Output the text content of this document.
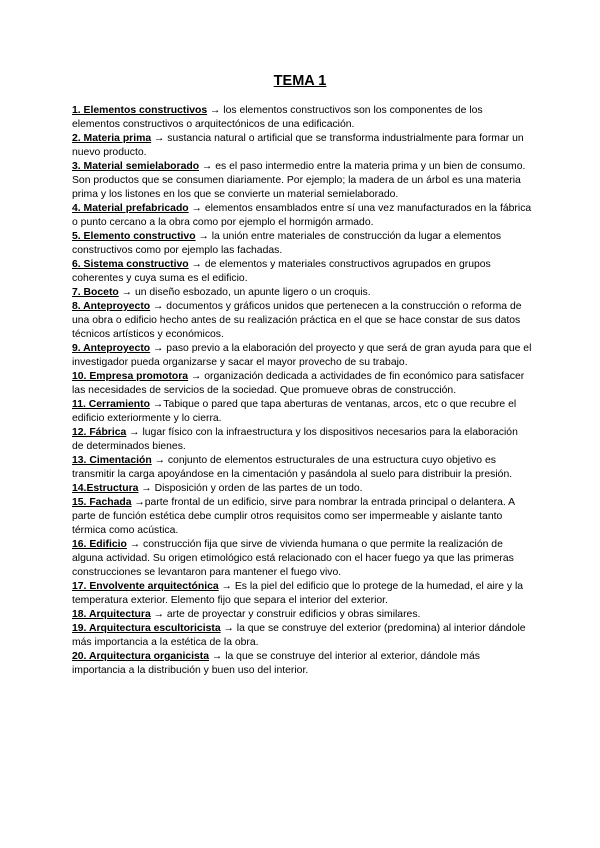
TEMA 1

1. Elementos constructivos → los elementos constructivos son los componentes de los elementos constructivos o arquitectónicos de una edificación.

2. Materia prima → sustancia natural o artificial que se transforma industrialmente para formar un nuevo producto.

3. Material semielaborado → es el paso intermedio entre la materia prima y un bien de consumo. Son productos que se consumen diariamente. Por ejemplo; la madera de un árbol es una materia prima y los listones en los que se convierte un material semielaborado.

4. Material prefabricado → elementos ensamblados entre sí una vez manufacturados en la fábrica o punto cercano a la obra como por ejemplo el hormigón armado.

5. Elemento constructivo → la unión entre materiales de construcción da lugar a elementos constructivos como por ejemplo las fachadas.

6. Sistema constructivo → de elementos y materiales constructivos agrupados en grupos coherentes y cuya suma es el edificio.

7. Boceto → un diseño esbozado, un apunte ligero o un croquis.

8. Anteproyecto → documentos y gráficos unidos que pertenecen a la construcción o reforma de una obra o edificio hecho antes de su realización práctica en el que se hace constar de sus datos técnicos artísticos y económicos.

9. Anteproyecto → paso previo a la elaboración del proyecto y que será de gran ayuda para que el investigador pueda organizarse y sacar el mayor provecho de su trabajo.

10. Empresa promotora → organización dedicada a actividades de fin económico para satisfacer las necesidades de servicios de la sociedad. Que promueve obras de construcción.

11. Cerramiento →Tabique o pared que tapa aberturas de ventanas, arcos, etc o que recubre el edificio exteriormente y lo cierra.

12. Fábrica → lugar físico con la infraestructura y los dispositivos necesarios para la elaboración de determinados bienes.

13. Cimentación → conjunto de elementos estructurales de una estructura cuyo objetivo es transmitir la carga apoyándose en la cimentación y pasándola al suelo para distribuir la presión.

14.Estructura → Disposición y orden de las partes de un todo.

15. Fachada →parte frontal de un edificio, sirve para nombrar la entrada principal o delantera. A parte de función estética debe cumplir otros requisitos como ser impermeable y aislante tanto térmica como acústica.

16. Edificio → construcción fija que sirve de vivienda humana o que permite la realización de alguna actividad. Su origen etimológico está relacionado con el hacer fuego ya que las primeras construcciones se levantaron para mantener el fuego vivo.

17. Envolvente arquitectónica → Es la piel del edificio que lo protege de la humedad, el aire y la temperatura exterior. Elemento fijo que separa el interior del exterior.

18. Arquitectura → arte de proyectar y construir edificios y obras similares.

19. Arquitectura escultoricista → la que se construye del exterior (predomina) al interior dándole más importancia a la estética de la obra.

20. Arquitectura organicista → la que se construye del interior al exterior, dándole más importancia a la distribución y buen uso del interior.
